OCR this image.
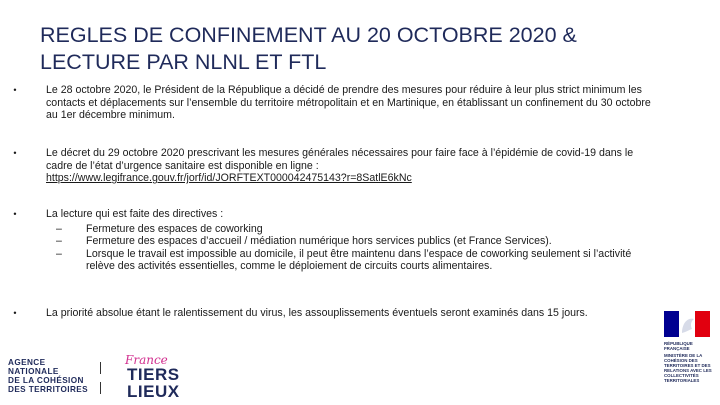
REGLES DE CONFINEMENT AU 20 OCTOBRE 2020 & LECTURE PAR NLNL ET FTL
•	Le 28 octobre 2020, le Président de la République a décidé de prendre des mesures pour réduire à leur plus strict minimum les contacts et déplacements sur l’ensemble du territoire métropolitain et en Martinique, en établissant un confinement du 30 octobre au 1er décembre minimum.
•	Le décret du 29 octobre 2020 prescrivant les mesures générales nécessaires pour faire face à l’épidémie de covid-19 dans le cadre de l’état d’urgence sanitaire est disponible en ligne :
https://www.legifrance.gouv.fr/jorf/id/JORFTEXT000042475143?r=8SatlE6kNc
•	La lecture qui est faite des directives :
– Fermeture des espaces de coworking
– Fermeture des espaces d’accueil / médiation numérique hors services publics (et France Services).
– Lorsque le travail est impossible au domicile, il peut être maintenu dans l’espace de coworking seulement si l’activité relève des activités essentielles, comme le déploiement de circuits courts alimentaires.
•	La priorité absolue étant le ralentissement du virus, les assouplissements éventuels seront examinés dans 15 jours.
AGENCE
NATIONALE
DE LA COHÉSION
DES TERRITOIRES
France
TIERS
LIEUX
RÉPUBLIQUE FRANÇAISE
MINISTÈRE DE LA COHÉSION DES TERRITOIRES ET DES RELATIONS AVEC LES COLLECTIVITÉS TERRITORIALES
